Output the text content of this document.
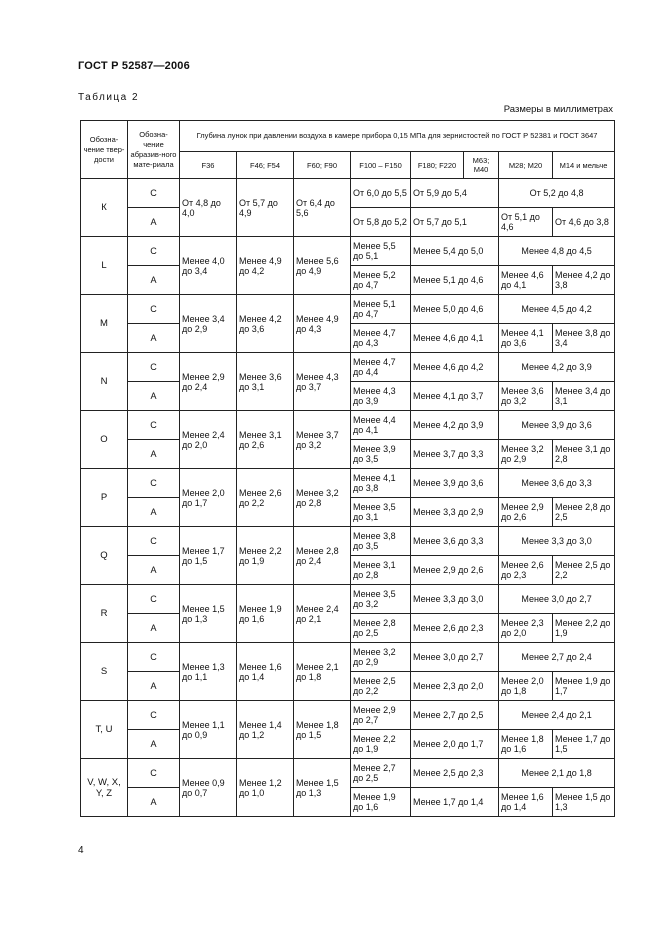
ГОСТ Р 52587—2006
Таблица 2
Размеры в миллиметрах
Обозна-чение твер-дости	Обозна-чение абразив-ного мате-риала	Глубина лунок при давлении воздуха в камере прибора 0,15 МПа для зернистостей по ГОСТ Р 52381 и ГОСТ 3647							
		F36	F46; F54	F60; F90	F100 – F150	F180; F220	M63; M40	M28; M20	M14 и мельче
К	С	От 4,8 до 4,0	От 5,7 до 4,9	От 6,4 до 5,6	От 6,0 до 5,5	От 5,9 до 5,4		От 5,2 до 4,8	
	А				От 5,8 до 5,2	От 5,7 до 5,1		От 5,1 до 4,6	От 4,6 до 3,8
L	С	Менее 4,0 до 3,4	Менее 4,9 до 4,2	Менее 5,6 до 4,9	Менее 5,5 до 5,1	Менее 5,4 до 5,0		Менее 4,8 до 4,5	
	А				Менее 5,2 до 4,7	Менее 5,1 до 4,6		Менее 4,6 до 4,1	Менее 4,2 до 3,8
M	С	Менее 3,4 до 2,9	Менее 4,2 до 3,6	Менее 4,9 до 4,3	Менее 5,1 до 4,7	Менее 5,0 до 4,6		Менее 4,5 до 4,2	
	А				Менее 4,7 до 4,3	Менее 4,6 до 4,1		Менее 4,1 до 3,6	Менее 3,8 до 3,4
N	С	Менее 2,9 до 2,4	Менее 3,6 до 3,1	Менее 4,3 до 3,7	Менее 4,7 до 4,4	Менее 4,6 до 4,2		Менее 4,2 до 3,9	
	А				Менее 4,3 до 3,9	Менее 4,1 до 3,7		Менее 3,6 до 3,2	Менее 3,4 до 3,1
O	С	Менее 2,4 до 2,0	Менее 3,1 до 2,6	Менее 3,7 до 3,2	Менее 4,4 до 4,1	Менее 4,2 до 3,9		Менее 3,9 до 3,6	
	А				Менее 3,9 до 3,5	Менее 3,7 до 3,3		Менее 3,2 до 2,9	Менее 3,1 до 2,8
P	С	Менее 2,0 до 1,7	Менее 2,6 до 2,2	Менее 3,2 до 2,8	Менее 4,1 до 3,8	Менее 3,9 до 3,6		Менее 3,6 до 3,3	
	А				Менее 3,5 до 3,1	Менее 3,3 до 2,9		Менее 2,9 до 2,6	Менее 2,8 до 2,5
Q	С	Менее 1,7 до 1,5	Менее 2,2 до 1,9	Менее 2,8 до 2,4	Менее 3,8 до 3,5	Менее 3,6 до 3,3		Менее 3,3 до 3,0	
	А				Менее 3,1 до 2,8	Менее 2,9 до 2,6		Менее 2,6 до 2,3	Менее 2,5 до 2,2
R	С	Менее 1,5 до 1,3	Менее 1,9 до 1,6	Менее 2,4 до 2,1	Менее 3,5 до 3,2	Менее 3,3 до 3,0		Менее 3,0 до 2,7	
	А				Менее 2,8 до 2,5	Менее 2,6 до 2,3		Менее 2,3 до 2,0	Менее 2,2 до 1,9
S	С	Менее 1,3 до 1,1	Менее 1,6 до 1,4	Менее 2,1 до 1,8	Менее 3,2 до 2,9	Менее 3,0 до 2,7		Менее 2,7 до 2,4	
	А				Менее 2,5 до 2,2	Менее 2,3 до 2,0		Менее 2,0 до 1,8	Менее 1,9 до 1,7
T, U	С	Менее 1,1 до 0,9	Менее 1,4 до 1,2	Менее 1,8 до 1,5	Менее 2,9 до 2,7	Менее 2,7 до 2,5		Менее 2,4 до 2,1	
	А				Менее 2,2 до 1,9	Менее 2,0 до 1,7		Менее 1,8 до 1,6	Менее 1,7 до 1,5
V, W, X, Y, Z	С	Менее 0,9 до 0,7	Менее 1,2 до 1,0	Менее 1,5 до 1,3	Менее 2,7 до 2,5	Менее 2,5 до 2,3		Менее 2,1 до 1,8	
	А				Менее 1,9 до 1,6	Менее 1,7 до 1,4		Менее 1,6 до 1,4	Менее 1,5 до 1,3
4
